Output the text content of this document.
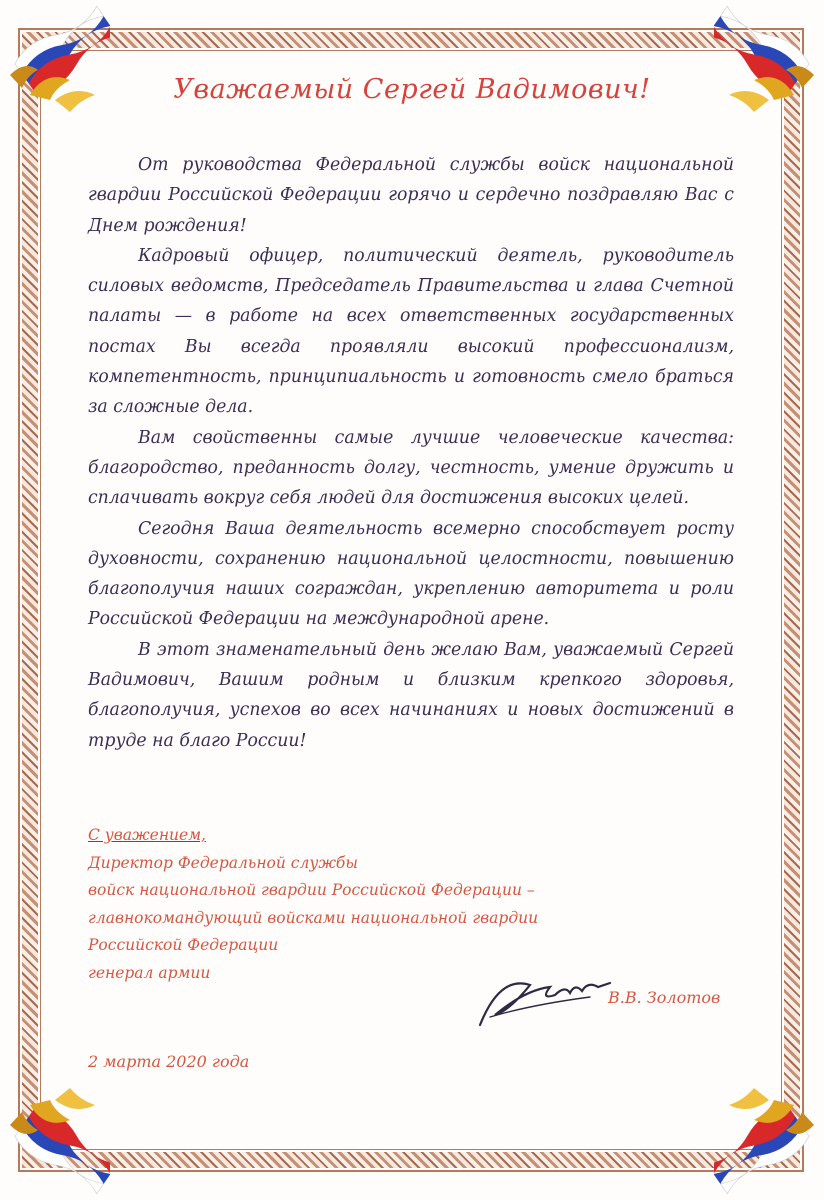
Уважаемый Сергей Вадимович!

От руководства Федеральной службы войск национальной гвардии Российской Федерации горячо и сердечно поздравляю Вас с Днем рождения!

Кадровый офицер, политический деятель, руководитель силовых ведомств, Председатель Правительства и глава Счетной палаты — в работе на всех ответственных государственных постах Вы всегда проявляли высокий профессионализм, компетентность, принципиальность и готовность смело браться за сложные дела.

Вам свойственны самые лучшие человеческие качества: благородство, преданность долгу, честность, умение дружить и сплачивать вокруг себя людей для достижения высоких целей.

Сегодня Ваша деятельность всемерно способствует росту духовности, сохранению национальной целостности, повышению благополучия наших сограждан, укреплению авторитета и роли Российской Федерации на международной арене.

В этот знаменательный день желаю Вам, уважаемый Сергей Вадимович, Вашим родным и близким крепкого здоровья, благополучия, успехов во всех начинаниях и новых достижений в труде на благо России!

С уважением,
Директор Федеральной службы
войск национальной гвардии Российской Федерации –
главнокомандующий войсками национальной гвардии
Российской Федерации
генерал армии
В.В. Золотов
2 марта 2020 года
